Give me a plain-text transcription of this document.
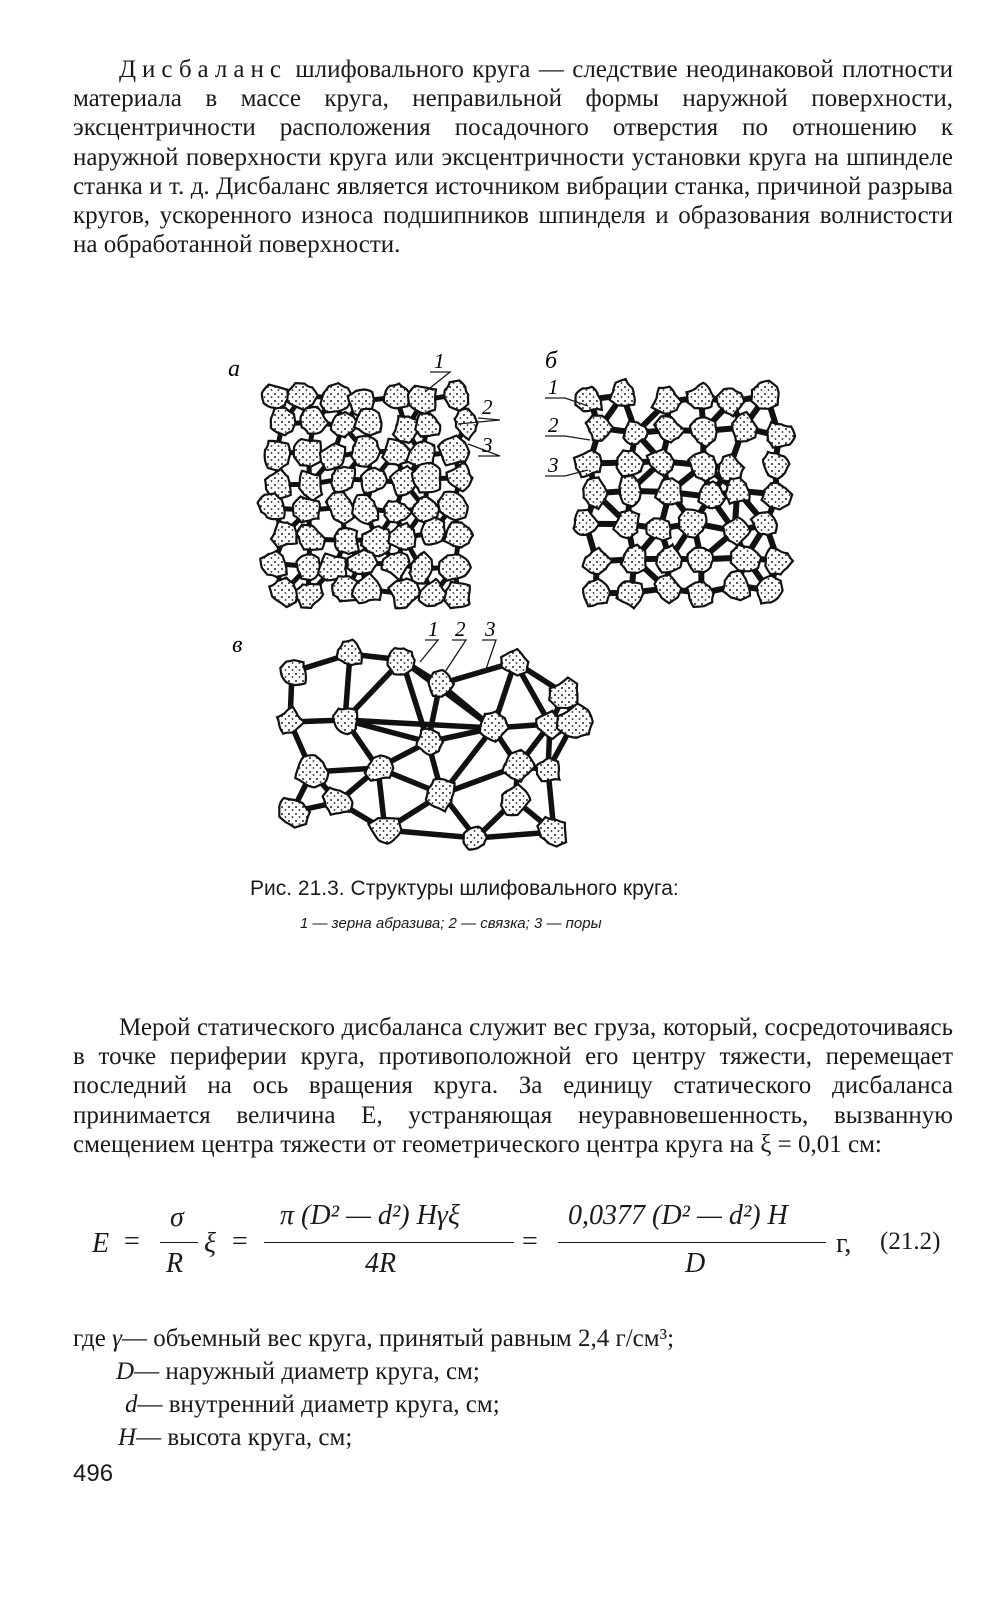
Дисбаланс шлифовального круга — следствие неодинаковой плотности материала в массе круга, неправильной формы наружной поверхности, эксцентричности расположения посадочного отверстия по отношению к наружной поверхности круга или эксцентричности установки круга на шпинделе станка и т. д. Дисбаланс является источником вибрации станка, причиной разрыва кругов, ускоренного износа подшипников шпинделя и образования волнистости на обработанной поверхности.

а	б
в
1
2
3
1
2
3
1 2 3
Рис. 21.3. Структуры шлифовального круга:
1 — зерна абразива; 2 — связка; 3 — поры

Мерой статического дисбаланса служит вес груза, который, сосредоточиваясь в точке периферии круга, противоположной его центру тяжести, перемещает последний на ось вращения круга. За единицу статического дисбаланса принимается величина E, устраняющая неуравновешенность, вызванную смещением центра тяжести от геометрического центра круга на ξ = 0,01 см:

E =
σ
R
ξ =
π (D² — d²) Hγξ
4R
=
0,0377 (D² — d²) H
D
г, (21.2)
где γ— объемный вес круга, принятый равным 2,4 г/см³;
D— наружный диаметр круга, см;
d— внутренний диаметр круга, см;
H— высота круга, см;
496
